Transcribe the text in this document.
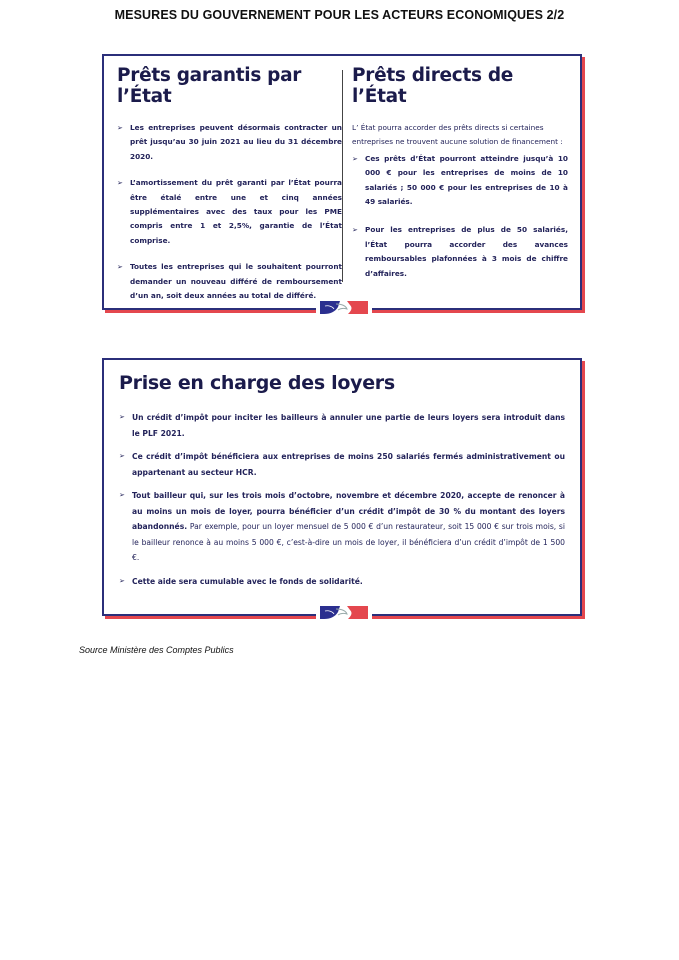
MESURES DU GOUVERNEMENT POUR LES ACTEURS ECONOMIQUES 2/2
Prêts garantis par l’État
➢ Les entreprises peuvent désormais contracter un prêt jusqu’au 30 juin 2021 au lieu du 31 décembre 2020.
➢ L’amortissement du prêt garanti par l’État pourra être étalé entre une et cinq années supplémentaires avec des taux pour les PME compris entre 1 et 2,5%, garantie de l’État comprise.
➢ Toutes les entreprises qui le souhaitent pourront demander un nouveau différé de remboursement d’un an, soit deux années au total de différé.
Prêts directs de l’État
L’ État pourra accorder des prêts directs si certaines entreprises ne trouvent aucune solution de financement :
➢ Ces prêts d’État pourront atteindre jusqu’à 10 000 € pour les entreprises de moins de 10 salariés ; 50 000 € pour les entreprises de 10 à 49 salariés.
➢ Pour les entreprises de plus de 50 salariés, l’État pourra accorder des avances remboursables plafonnées à 3 mois de chiffre d’affaires.
Prise en charge des loyers
➢ Un crédit d’impôt pour inciter les bailleurs à annuler une partie de leurs loyers sera introduit dans le PLF 2021.
➢ Ce crédit d’impôt bénéficiera aux entreprises de moins 250 salariés fermés administrativement ou appartenant au secteur HCR.
➢ Tout bailleur qui, sur les trois mois d’octobre, novembre et décembre 2020, accepte de renoncer à au moins un mois de loyer, pourra bénéficier d’un crédit d’impôt de 30 % du montant des loyers abandonnés. Par exemple, pour un loyer mensuel de 5 000 € d’un restaurateur, soit 15 000 € sur trois mois, si le bailleur renonce à au moins 5 000 €, c’est-à-dire un mois de loyer, il bénéficiera d’un crédit d’impôt de 1 500 €.
➢ Cette aide sera cumulable avec le fonds de solidarité.
Source Ministère des Comptes Publics
